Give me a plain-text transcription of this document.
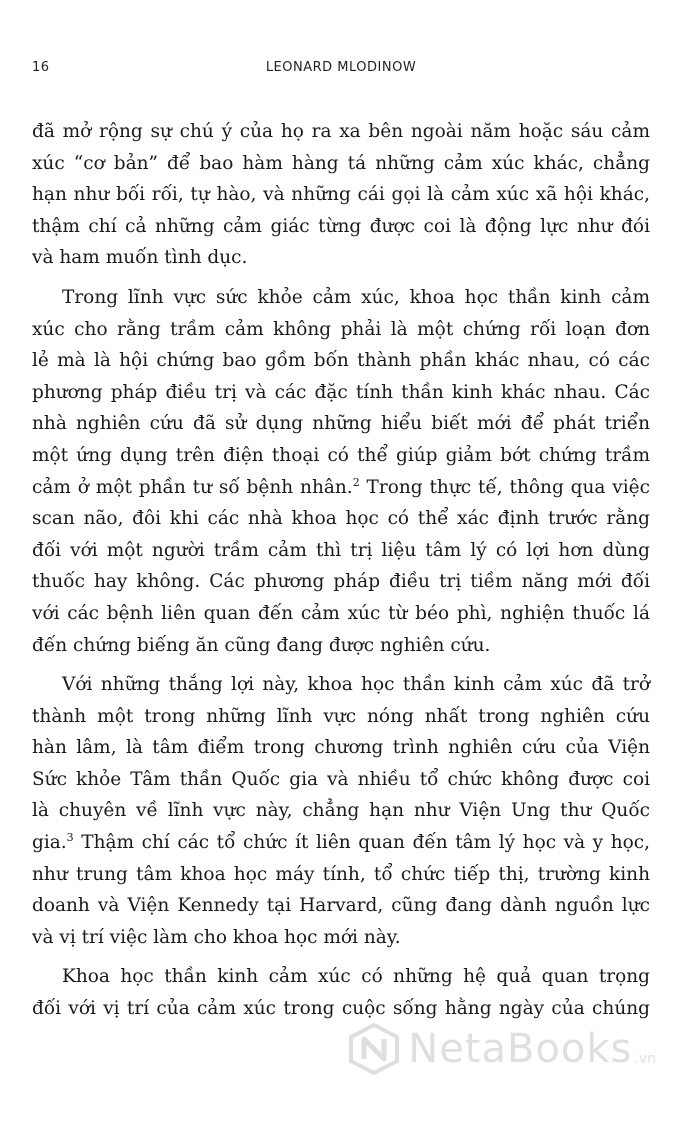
16	LEONARD MLODINOW

đã mở rộng sự chú ý của họ ra xa bên ngoài năm hoặc sáu cảm
xúc “cơ bản” để bao hàm hàng tá những cảm xúc khác, chẳng
hạn như bối rối, tự hào, và những cái gọi là cảm xúc xã hội khác,
thậm chí cả những cảm giác từng được coi là động lực như đói
và ham muốn tình dục.

Trong lĩnh vực sức khỏe cảm xúc, khoa học thần kinh cảm
xúc cho rằng trầm cảm không phải là một chứng rối loạn đơn
lẻ mà là hội chứng bao gồm bốn thành phần khác nhau, có các
phương pháp điều trị và các đặc tính thần kinh khác nhau. Các
nhà nghiên cứu đã sử dụng những hiểu biết mới để phát triển
một ứng dụng trên điện thoại có thể giúp giảm bớt chứng trầm
cảm ở một phần tư số bệnh nhân.$^2$ Trong thực tế, thông qua việc
scan não, đôi khi các nhà khoa học có thể xác định trước rằng
đối với một người trầm cảm thì trị liệu tâm lý có lợi hơn dùng
thuốc hay không. Các phương pháp điều trị tiềm năng mới đối
với các bệnh liên quan đến cảm xúc từ béo phì, nghiện thuốc lá
đến chứng biếng ăn cũng đang được nghiên cứu.

Với những thắng lợi này, khoa học thần kinh cảm xúc đã trở
thành một trong những lĩnh vực nóng nhất trong nghiên cứu
hàn lâm, là tâm điểm trong chương trình nghiên cứu của Viện
Sức khỏe Tâm thần Quốc gia và nhiều tổ chức không được coi
là chuyên về lĩnh vực này, chẳng hạn như Viện Ung thư Quốc
gia.$^3$ Thậm chí các tổ chức ít liên quan đến tâm lý học và y học,
như trung tâm khoa học máy tính, tổ chức tiếp thị, trường kinh
doanh và Viện Kennedy tại Harvard, cũng đang dành nguồn lực
và vị trí việc làm cho khoa học mới này.

Khoa học thần kinh cảm xúc có những hệ quả quan trọng
đối với vị trí của cảm xúc trong cuộc sống hằng ngày của chúng

NetaBooks .vn
